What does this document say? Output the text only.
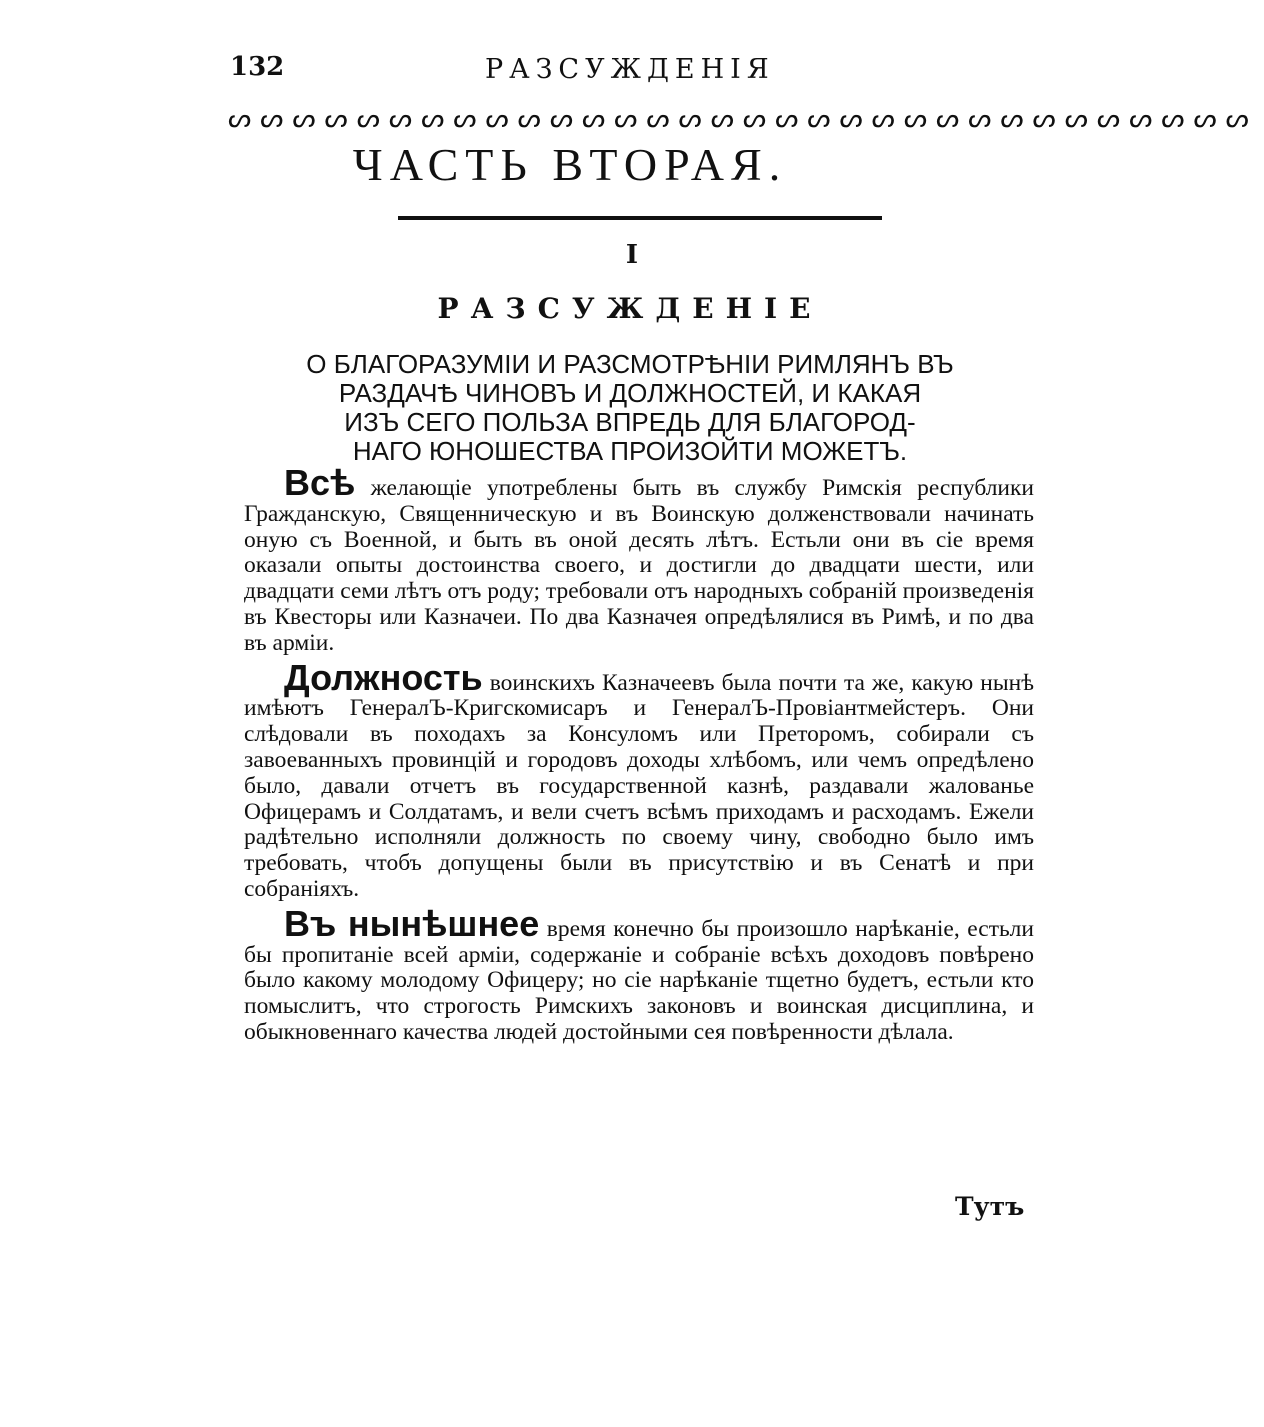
132	РАЗСУЖДЕНІЯ
ᔕᔕᔕᔕᔕᔕᔕᔕᔕᔕᔕᔕᔕᔕᔕᔕᔕᔕᔕᔕᔕᔕᔕᔕᔕᔕᔕᔕᔕᔕᔕᔕ
ЧАСТЬ ВТОРАЯ.
I
РАЗСУЖДЕНІЕ
О БЛАГОРАЗУМІИ И РАЗСМОТРѢНІИ РИМЛЯНЪ ВЪ
РАЗДАЧѢ ЧИНОВЪ И ДОЛЖНОСТЕЙ, И КАКАЯ
ИЗЪ СЕГО ПОЛЬЗА ВПРЕДЬ ДЛЯ БЛАГОРОД-
НАГО ЮНОШЕСТВА ПРОИЗОЙТИ МОЖЕТЪ.

Всѣ желающіе употреблены быть въ службу Римскія республики Гражданскую, Священническую и въ Воинскую долженствовали начинать оную съ Военной, и быть въ оной десять лѣтъ. Естьли они въ сіе время оказали опыты достоинства своего, и достигли до двадцати шести, или двадцати семи лѣтъ отъ роду; требовали отъ народныхъ собраній произведенія въ Квесторы или Казначеи. По два Казначея опредѣлялися въ Римѣ, и по два въ арміи.

Должность воинскихъ Казначеевъ была почти та же, какую нынѣ имѣютъ ГенералЪ-Кригскомисаръ и ГенералЪ-Провіантмейстеръ. Они слѣдовали въ походахъ за Консуломъ или Преторомъ, собирали съ завоеванныхъ провинцій и городовъ доходы хлѣбомъ, или чемъ опредѣлено было, давали отчетъ въ государственной казнѣ, раздавали жалованье Офицерамъ и Солдатамъ, и вели счетъ всѣмъ приходамъ и расходамъ. Ежели радѣтельно исполняли должность по своему чину, свободно было имъ требовать, чтобъ допущены были въ присутствію и въ Сенатѣ и при собраніяхъ.

Въ нынѣшнее время конечно бы произошло нарѣканіе, естьли бы пропитаніе всей арміи, содержаніе и собраніе всѣхъ доходовъ повѣрено было какому молодому Офицеру; но сіе нарѣканіе тщетно будетъ, естьли кто помыслитъ, что строгость Римскихъ законовъ и воинская дисциплина, и обыкновеннаго качества людей достойными сея повѣренности дѣлала.

Тутъ
